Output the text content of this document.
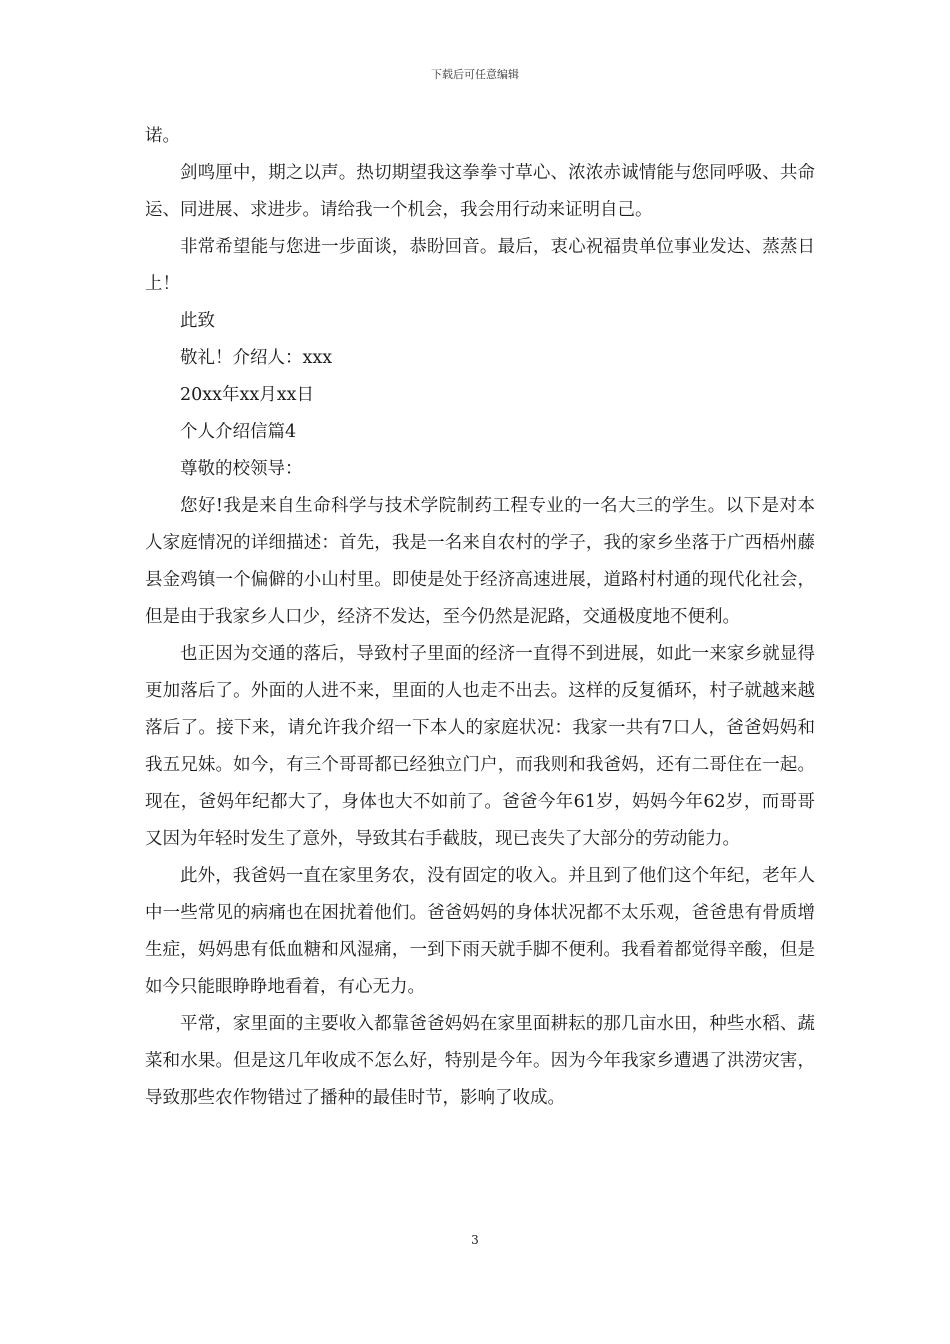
下载后可任意编辑

诺。

剑鸣厘中，期之以声。热切期望我这拳拳寸草心、浓浓赤诚情能与您同呼吸、共命运、同进展、求进步。请给我一个机会，我会用行动来证明自己。

非常希望能与您进一步面谈，恭盼回音。最后，衷心祝福贵单位事业发达、蒸蒸日上！

此致

敬礼！介绍人：xxx

20xx年xx月xx日

个人介绍信篇4

尊敬的校领导：

您好!我是来自生命科学与技术学院制药工程专业的一名大三的学生。以下是对本人家庭情况的详细描述：首先，我是一名来自农村的学子，我的家乡坐落于广西梧州藤县金鸡镇一个偏僻的小山村里。即使是处于经济高速进展，道路村村通的现代化社会，但是由于我家乡人口少，经济不发达，至今仍然是泥路，交通极度地不便利。

也正因为交通的落后，导致村子里面的经济一直得不到进展，如此一来家乡就显得更加落后了。外面的人进不来，里面的人也走不出去。这样的反复循环，村子就越来越落后了。接下来，请允许我介绍一下本人的家庭状况：我家一共有7口人，爸爸妈妈和我五兄妹。如今，有三个哥哥都已经独立门户，而我则和我爸妈，还有二哥住在一起。现在，爸妈年纪都大了，身体也大不如前了。爸爸今年61岁，妈妈今年62岁，而哥哥又因为年轻时发生了意外，导致其右手截肢，现已丧失了大部分的劳动能力。

此外，我爸妈一直在家里务农，没有固定的收入。并且到了他们这个年纪，老年人中一些常见的病痛也在困扰着他们。爸爸妈妈的身体状况都不太乐观，爸爸患有骨质增生症，妈妈患有低血糖和风湿痛，一到下雨天就手脚不便利。我看着都觉得辛酸，但是如今只能眼睁睁地看着，有心无力。

平常，家里面的主要收入都靠爸爸妈妈在家里面耕耘的那几亩水田，种些水稻、蔬菜和水果。但是这几年收成不怎么好，特别是今年。因为今年我家乡遭遇了洪涝灾害，导致那些农作物错过了播种的最佳时节，影响了收成。

3
